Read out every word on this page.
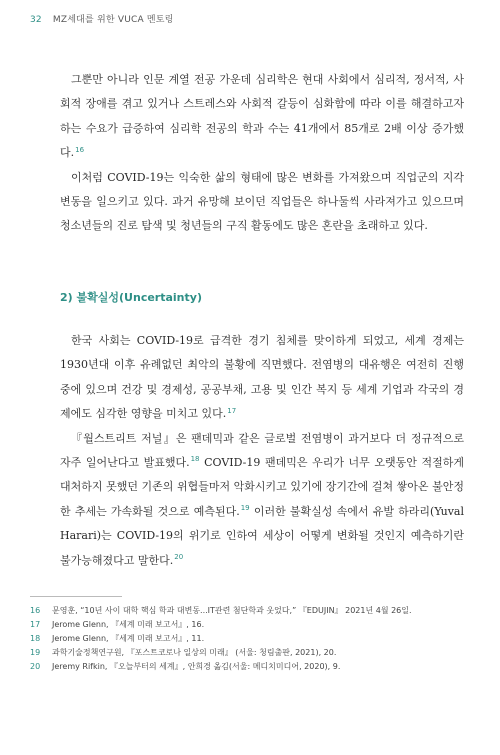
32 MZ세대를 위한 VUCA 멘토링

그뿐만 아니라 인문 계열 전공 가운데 심리학은 현대 사회에서 심리적, 정서적, 사회적 장애를 겪고 있거나 스트레스와 사회적 갈등이 심화함에 따라 이를 해결하고자 하는 수요가 급증하여 심리학 전공의 학과 수는 41개에서 85개로 2배 이상 증가했다.$^{16}$

이처럼 COVID-19는 익숙한 삶의 형태에 많은 변화를 가져왔으며 직업군의 지각변동을 일으키고 있다. 과거 유망해 보이던 직업들은 하나둘씩 사라져가고 있으므며 청소년들의 진로 탐색 및 청년들의 구직 활동에도 많은 혼란을 초래하고 있다.

2) 불확실성(Uncertainty)

한국 사회는 COVID-19로 급격한 경기 침체를 맞이하게 되었고, 세계 경제는 1930년대 이후 유례없던 최악의 불황에 직면했다. 전염병의 대유행은 여전히 진행 중에 있으며 건강 및 경제성, 공공부채, 고용 및 인간 복지 등 세계 기업과 각국의 경제에도 심각한 영향을 미치고 있다.$^{17}$

『월스트리트 저널』은 팬데믹과 같은 글로벌 전염병이 과거보다 더 정규적으로 자주 일어난다고 발표했다.$^{18}$ COVID-19 팬데믹은 우리가 너무 오랫동안 적절하게 대처하지 못했던 기존의 위협들마저 악화시키고 있기에 장기간에 걸쳐 쌓아온 불안정한 추세는 가속화될 것으로 예측된다.$^{19}$ 이러한 불확실성 속에서 유발 하라리(Yuval Harari)는 COVID-19의 위기로 인하여 세상이 어떻게 변화될 것인지 예측하기란 불가능해졌다고 말한다.$^{20}$

16	문영훈, “10년 사이 대학 핵심 학과 대변동...IT관련 첨단학과 웃었다,” 『EDUJIN』 2021년 4월 26일.
17	Jerome Glenn, 『세계 미래 보고서』, 16.
18	Jerome Glenn, 『세계 미래 보고서』, 11.
19	과학기술정책연구원, 『포스트코로나 일상의 미래』 (서울: 청림출판, 2021), 20.
20	Jeremy Rifkin, 『오늘부터의 세계』, 안희경 옮김(서울: 메디치미디어, 2020), 9.
